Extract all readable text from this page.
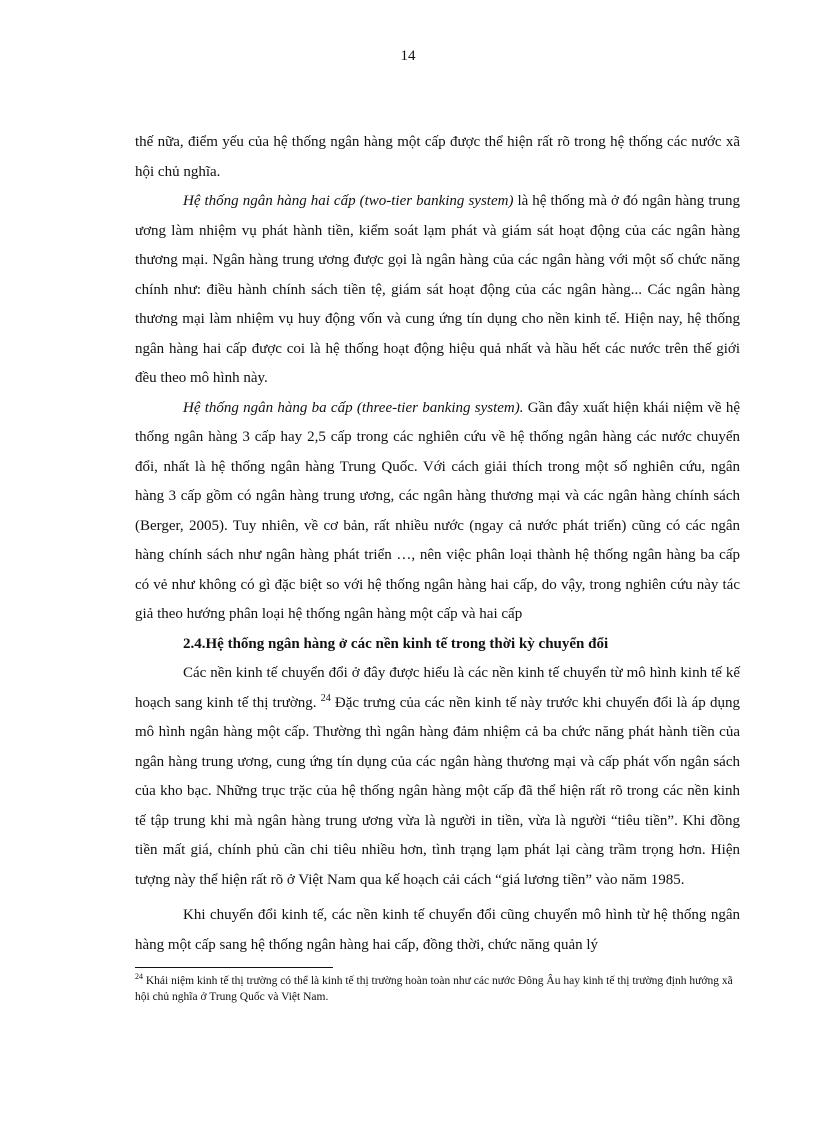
14

thế nữa, điểm yếu của hệ thống ngân hàng một cấp được thể hiện rất rõ trong hệ thống các nước xã hội chủ nghĩa.

Hệ thống ngân hàng hai cấp (two-tier banking system) là hệ thống mà ở đó ngân hàng trung ương làm nhiệm vụ phát hành tiền, kiểm soát lạm phát và giám sát hoạt động của các ngân hàng thương mại. Ngân hàng trung ương được gọi là ngân hàng của các ngân hàng với một số chức năng chính như: điều hành chính sách tiền tệ, giám sát hoạt động của các ngân hàng... Các ngân hàng thương mại làm nhiệm vụ huy động vốn và cung ứng tín dụng cho nền kinh tế. Hiện nay, hệ thống ngân hàng hai cấp được coi là hệ thống hoạt động hiệu quả nhất và hầu hết các nước trên thế giới đều theo mô hình này.

Hệ thống ngân hàng ba cấp (three-tier banking system). Gần đây xuất hiện khái niệm về hệ thống ngân hàng 3 cấp hay 2,5 cấp trong các nghiên cứu về hệ thống ngân hàng các nước chuyển đổi, nhất là hệ thống ngân hàng Trung Quốc. Với cách giải thích trong một số nghiên cứu, ngân hàng 3 cấp gồm có ngân hàng trung ương, các ngân hàng thương mại và các ngân hàng chính sách (Berger, 2005). Tuy nhiên, về cơ bản, rất nhiều nước (ngay cả nước phát triển) cũng có các ngân hàng chính sách như ngân hàng phát triển …, nên việc phân loại thành hệ thống ngân hàng ba cấp có vẻ như không có gì đặc biệt so với hệ thống ngân hàng hai cấp, do vậy, trong nghiên cứu này tác giả theo hướng phân loại hệ thống ngân hàng một cấp và hai cấp

2.4.Hệ thống ngân hàng ở các nền kinh tế trong thời kỳ chuyển đổi

Các nền kinh tế chuyển đổi ở đây được hiểu là các nền kinh tế chuyển từ mô hình kinh tế kế hoạch sang kinh tế thị trường. $^{24}$ Đặc trưng của các nền kinh tế này trước khi chuyển đổi là áp dụng mô hình ngân hàng một cấp. Thường thì ngân hàng đảm nhiệm cả ba chức năng phát hành tiền của ngân hàng trung ương, cung ứng tín dụng của các ngân hàng thương mại và cấp phát vốn ngân sách của kho bạc. Những trục trặc của hệ thống ngân hàng một cấp đã thể hiện rất rõ trong các nền kinh tế tập trung khi mà ngân hàng trung ương vừa là người in tiền, vừa là người “tiêu tiền”. Khi đồng tiền mất giá, chính phủ cần chi tiêu nhiều hơn, tình trạng lạm phát lại càng trầm trọng hơn. Hiện tượng này thể hiện rất rõ ở Việt Nam qua kế hoạch cải cách “giá lương tiền” vào năm 1985.

Khi chuyển đổi kinh tế, các nền kinh tế chuyển đổi cũng chuyển mô hình từ hệ thống ngân hàng một cấp sang hệ thống ngân hàng hai cấp, đồng thời, chức năng quản lý

$^{24}$ Khái niệm kinh tế thị trường có thể là kinh tế thị trường hoàn toàn như các nước Đông Âu hay kinh tế thị trường định hướng xã hội chủ nghĩa ở Trung Quốc và Việt Nam.
